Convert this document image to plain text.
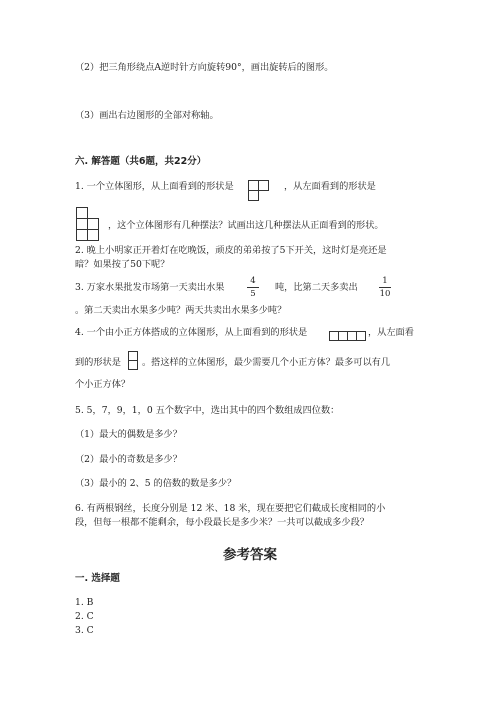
（2）把三角形绕点A逆时针方向旋转90°，画出旋转后的图形。
（3）画出右边图形的全部对称轴。
六. 解答题（共6题，共22分）
1. 一个立体图形，从上面看到的形状是	，从左面看到的形状是
，这个立体图形有几种摆法？试画出这几种摆法从正面看到的形状。
2. 晚上小明家正开着灯在吃晚饭，顽皮的弟弟按了5下开关，这时灯是亮还是
暗？如果按了50下呢？
3. 万家水果批发市场第一天卖出水果
4
5
吨，比第二天多卖出
1
10
。第二天卖出水果多少吨？两天共卖出水果多少吨？
4. 一个由小正方体搭成的立体图形，从上面看到的形状是	，从左面看
到的形状是 。搭这样的立体图形，最少需要几个小正方体？最多可以有几
个小正方体？
5. 5，7，9，1，0 五个数字中，选出其中的四个数组成四位数：
（1）最大的偶数是多少？
（2）最小的奇数是多少？
（3）最小的 2、5 的倍数的数是多少？
6. 有两根钢丝，长度分别是 12 米、18 米，现在要把它们截成长度相同的小
段，但每一根都不能剩余，每小段最长是多少米？一共可以截成多少段？
参考答案
一. 选择题
1. B
2. C
3. C
